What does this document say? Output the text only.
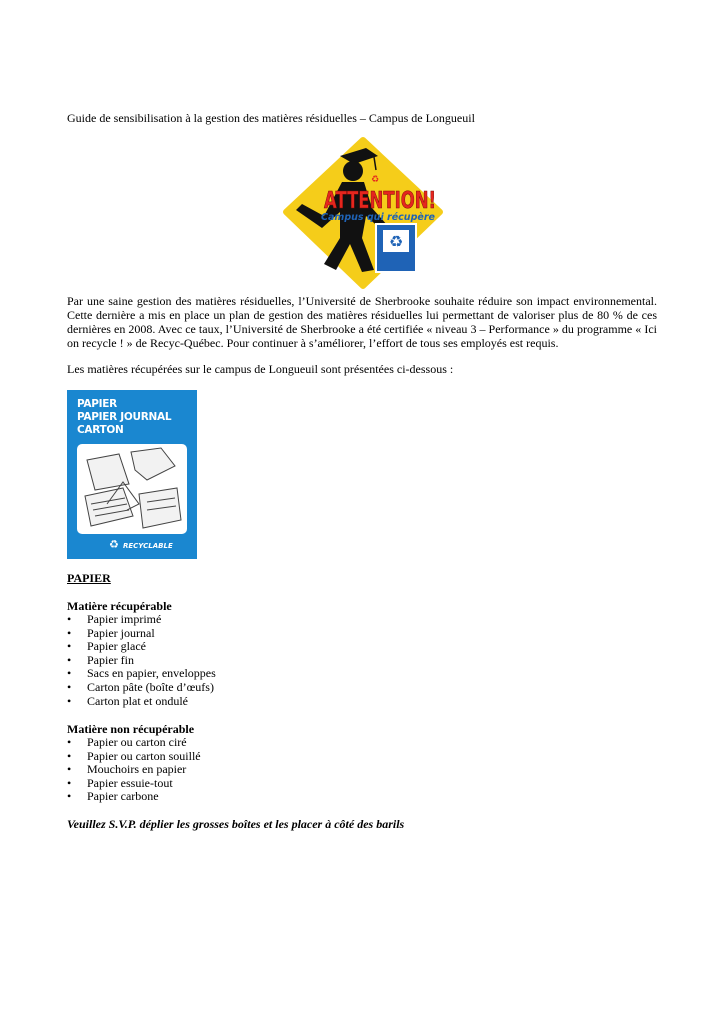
Guide de sensibilisation à la gestion des matières résiduelles – Campus de Longueuil
♻
♻
ATTENTION!
Campus qui récupère

Par une saine gestion des matières résiduelles, l’Université de Sherbrooke souhaite réduire son impact environnemental. Cette dernière a mis en place un plan de gestion des matières résiduelles lui permettant de valoriser plus de 80 % de ces dernières en 2008. Avec ce taux, l’Université de Sherbrooke a été certifiée « niveau 3 – Performance » du programme « Ici on recycle ! » de Recyc-Québec. Pour continuer à s’améliorer, l’effort de tous ses employés est requis.

Les matières récupérées sur le campus de Longueuil sont présentées ci-dessous :

PAPIER
PAPIER JOURNAL
CARTON
♻ RECYCLABLE

PAPIER

Matière récupérable

• Papier imprimé
• Papier journal
• Papier glacé
• Papier fin
• Sacs en papier, enveloppes
• Carton pâte (boîte d’œufs)
• Carton plat et ondulé

Matière non récupérable

• Papier ou carton ciré
• Papier ou carton souillé
• Mouchoirs en papier
• Papier essuie-tout
• Papier carbone

Veuillez S.V.P. déplier les grosses boîtes et les placer à côté des barils
